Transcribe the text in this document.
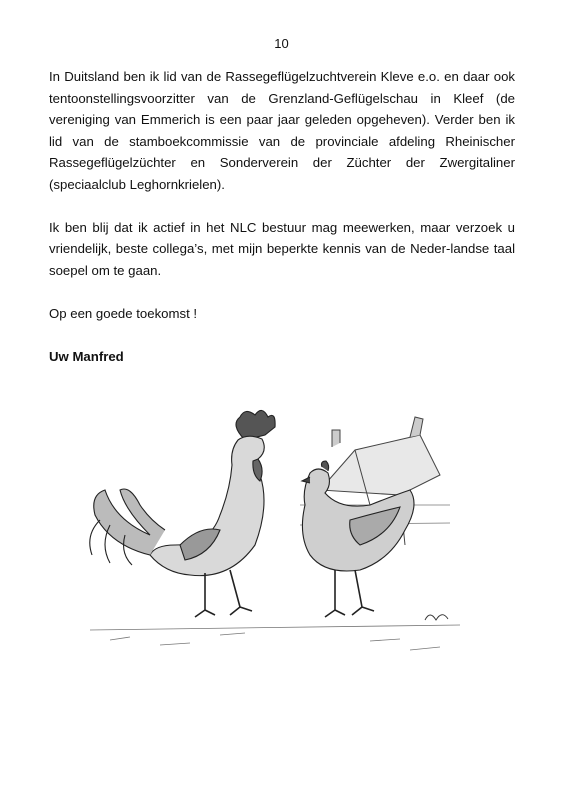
10

In Duitsland ben ik lid van de Rassegeflügelzuchtverein Kleve e.o. en daar ook tentoonstellingsvoorzitter van de Grenzland-Geflügelschau in Kleef (de vereniging van Emmerich is een paar jaar geleden opgeheven). Verder ben ik lid van de stamboekcommissie van de provinciale afdeling Rheinischer Rassegeflügelzüchter en Sonderverein der Züchter der Zwergitaliner (speciaalclub Leghornkrielen).

Ik ben blij dat ik actief in het NLC bestuur mag meewerken, maar verzoek u vriendelijk, beste collega’s, met mijn beperkte kennis van de Neder-landse taal soepel om te gaan.

Op een goede toekomst !

Uw Manfred
